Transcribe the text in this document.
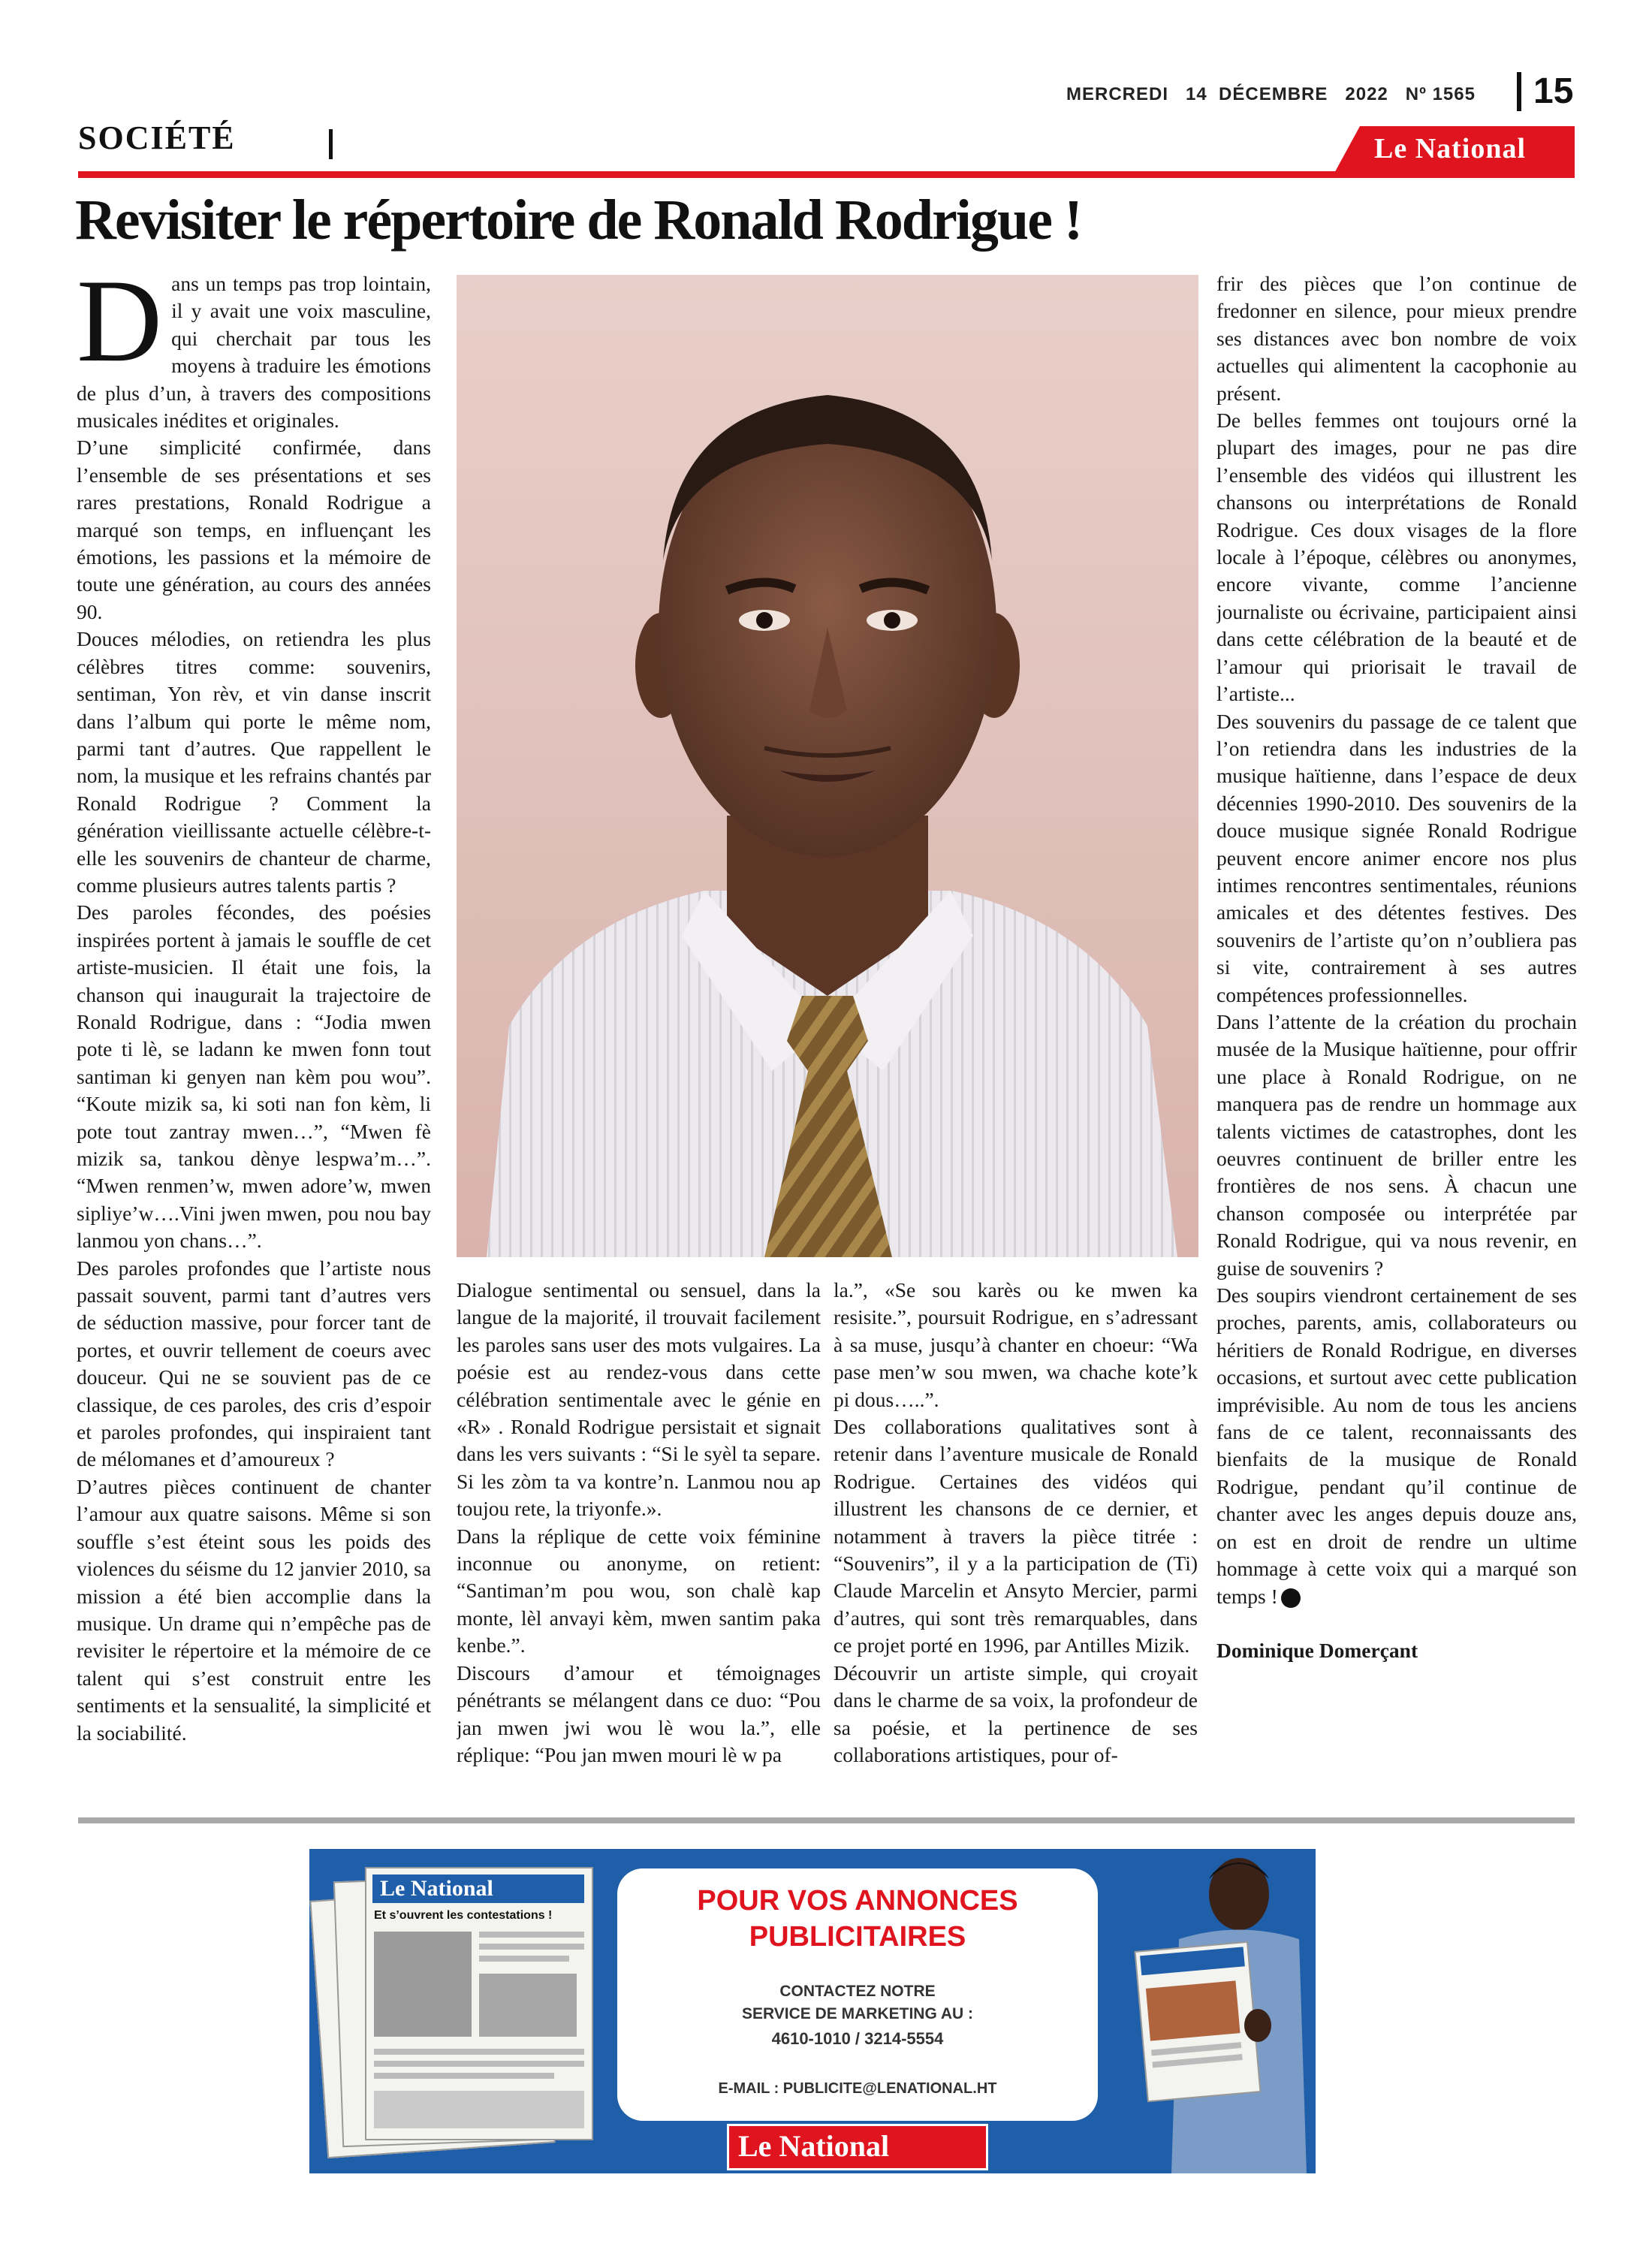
MERCREDI   14  DÉCEMBRE   2022 Nº 1565 15
SOCIÉTÉ	Le National
Revisiter le répertoire de Ronald Rodrigue !

Dans un temps pas trop lointain, il y avait une voix masculine, qui cherchait par tous les moyens à traduire les émotions de plus d’un, à travers des compositions musicales inédites et originales.

D’une simplicité confirmée, dans l’ensemble de ses présentations et ses rares prestations, Ronald Rodrigue a marqué son temps, en influençant les émotions, les passions et la mémoire de toute une génération, au cours des années 90.

Douces mélodies, on retiendra les plus célèbres titres comme: souvenirs, sentiman, Yon rèv, et vin danse inscrit dans l’album qui porte le même nom, parmi tant d’autres. Que rappellent le nom, la musique et les refrains chantés par Ronald Rodrigue ? Comment la génération vieillissante actuelle célèbre-t-elle les souvenirs de chanteur de charme, comme plusieurs autres talents partis ?

Des paroles fécondes, des poésies inspirées portent à jamais le souffle de cet artiste-musicien. Il était une fois, la chanson qui inaugurait la trajectoire de Ronald Rodrigue, dans : “Jodia mwen pote ti lè, se ladann ke mwen fonn tout santiman ki genyen nan kèm pou wou”. “Koute mizik sa, ki soti nan fon kèm, li pote tout zantray mwen…”, “Mwen fè mizik sa, tankou dènye lespwa’m…”. “Mwen renmen’w, mwen adore’w, mwen sipliye’w….Vini jwen mwen, pou nou bay lanmou yon chans…”.

Des paroles profondes que l’artiste nous passait souvent, parmi tant d’autres vers de séduction massive, pour forcer tant de portes, et ouvrir tellement de coeurs avec douceur. Qui ne se souvient pas de ce classique, de ces paroles, des cris d’espoir et paroles profondes, qui inspiraient tant de mélomanes et d’amoureux ?

D’autres pièces continuent de chanter l’amour aux quatre saisons. Même si son souffle s’est éteint sous les poids des violences du séisme du 12 janvier 2010, sa mission a été bien accomplie dans la musique. Un drame qui n’empêche pas de revisiter le répertoire et la mémoire de ce talent qui s’est construit entre les sentiments et la sensualité, la simplicité et la sociabilité.

Dialogue sentimental ou sensuel, dans la langue de la majorité, il trouvait facilement les paroles sans user des mots vulgaires. La poésie est au rendez-vous dans cette célébration sentimentale avec le génie en «R» . Ronald Rodrigue persistait et signait dans les vers suivants : “Si le syèl ta separe. Si les zòm ta va kontre’n. Lanmou nou ap toujou rete, la triyonfe.».

Dans la réplique de cette voix féminine inconnue ou anonyme, on retient: “Santiman’m pou wou, son chalè kap monte, lèl anvayi kèm, mwen santim paka kenbe.”.

Discours d’amour et témoignages pénétrants se mélangent dans ce duo: “Pou jan mwen jwi wou lè wou la.”, elle réplique: “Pou jan mwen mouri lè w pa

la.”, «Se sou karès ou ke mwen ka resisite.”, poursuit Rodrigue, en s’adressant à sa muse, jusqu’à chanter en choeur: “Wa pase men’w sou mwen, wa chache kote’k pi dous…..”.

Des collaborations qualitatives sont à retenir dans l’aventure musicale de Ronald Rodrigue. Certaines des vidéos qui illustrent les chansons de ce dernier, et notamment à travers la pièce titrée : “Souvenirs”, il y a la participation de (Ti) Claude Marcelin et Ansyto Mercier, parmi d’autres, qui sont très remarquables, dans ce projet porté en 1996, par Antilles Mizik.

Découvrir un artiste simple, qui croyait dans le charme de sa voix, la profondeur de sa poésie, et la pertinence de ses collaborations artistiques, pour of-

frir des pièces que l’on continue de fredonner en silence, pour mieux prendre ses distances avec bon nombre de voix actuelles qui alimentent la cacophonie au présent.

De belles femmes ont toujours orné la plupart des images, pour ne pas dire l’ensemble des vidéos qui illustrent les chansons ou interprétations de Ronald Rodrigue. Ces doux visages de la flore locale à l’époque, célèbres ou anonymes, encore vivante, comme l’ancienne journaliste ou écrivaine, participaient ainsi dans cette célébration de la beauté et de l’amour qui priorisait le travail de l’artiste...

Des souvenirs du passage de ce talent que l’on retiendra dans les industries de la musique haïtienne, dans l’espace de deux décennies 1990-2010. Des souvenirs de la douce musique signée Ronald Rodrigue peuvent encore animer encore nos plus intimes rencontres sentimentales, réunions amicales et des détentes festives. Des souvenirs de l’artiste qu’on n’oubliera pas si vite, contrairement à ses autres compétences professionnelles.

Dans l’attente de la création du prochain musée de la Musique haïtienne, pour offrir une place à Ronald Rodrigue, on ne manquera pas de rendre un hommage aux talents victimes de catastrophes, dont les oeuvres continuent de briller entre les frontières de nos sens. À chacun une chanson composée ou interprétée par Ronald Rodrigue, qui va nous revenir, en guise de souvenirs ?

Des soupirs viendront certainement de ses proches, parents, amis, collaborateurs ou héritiers de Ronald Rodrigue, en diverses occasions, et surtout avec cette publication imprévisible. Au nom de tous les anciens fans de ce talent, reconnaissants des bienfaits de la musique de Ronald Rodrigue, pendant qu’il continue de chanter avec les anges depuis douze ans, on est en droit de rendre un ultime hommage à cette voix qui a marqué son temps !

Dominique Domerçant

Le National
Et s’ouvrent les contestations !	POUR VOS ANNONCES
PUBLICITAIRES
CONTACTEZ NOTRE
SERVICE DE MARKETING AU :
4610-1010 / 3214-5554
E-MAIL : PUBLICITE@LENATIONAL.HT
Le National
